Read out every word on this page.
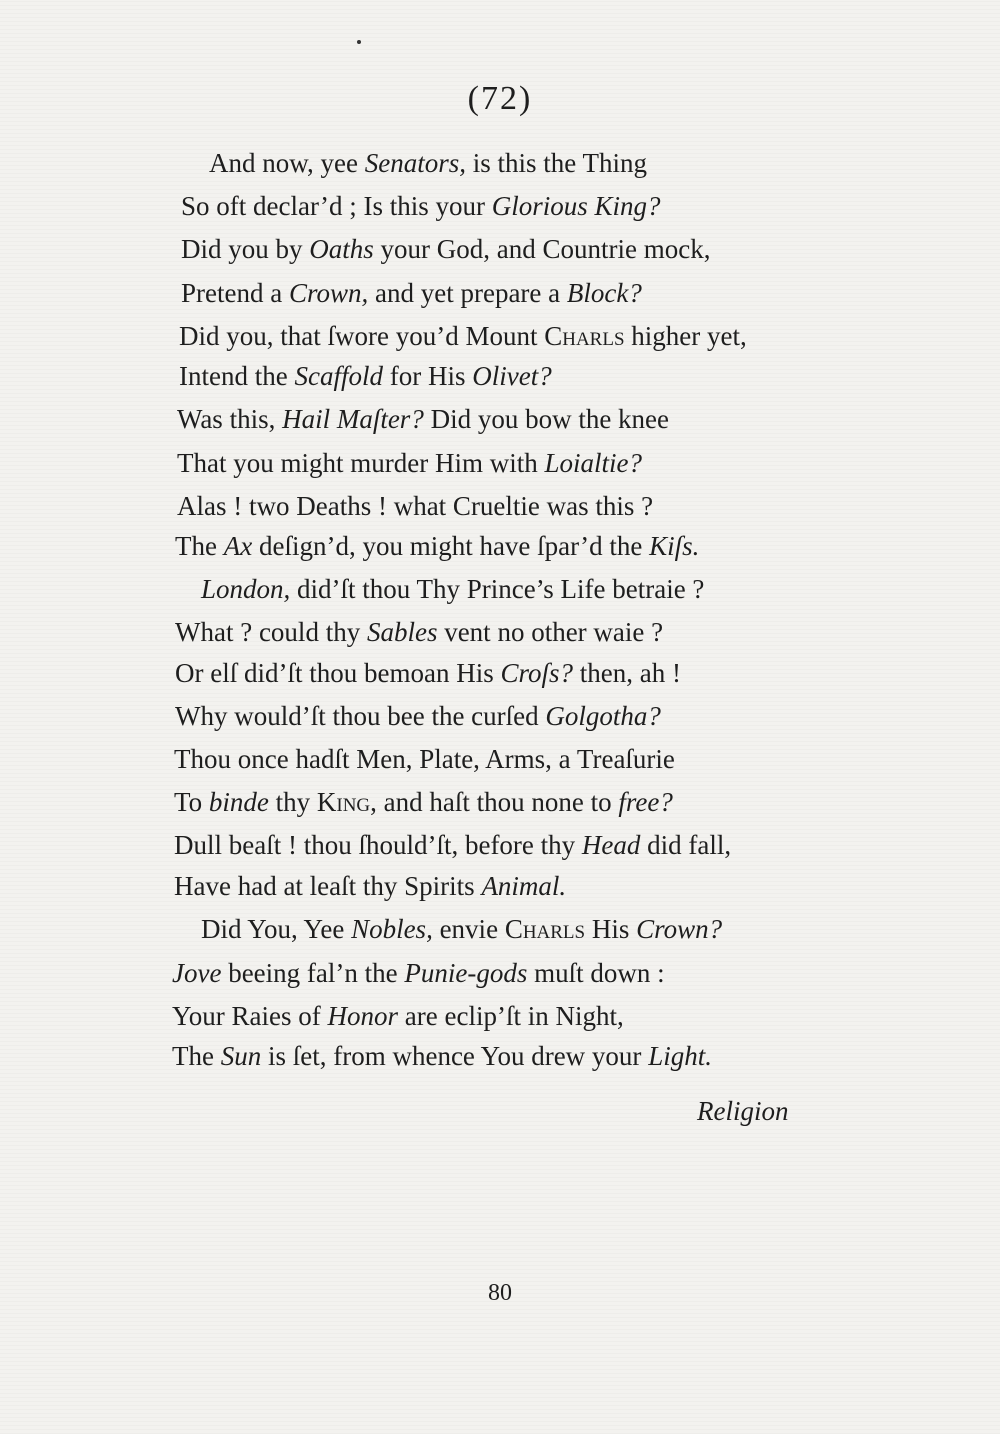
(72)
And now, yee Senators, is this the Thing
So oft declar’d ; Is this your Glorious King?
Did you by Oaths your God, and Countrie mock,
Pretend a Crown, and yet prepare a Block?
Did you, that ſwore you’d Mount Charls higher yet,
Intend the Scaffold for His Olivet?
Was this, Hail Maſter? Did you bow the knee
That you might murder Him with Loialtie?
Alas ! two Deaths ! what Crueltie was this ?
The Ax deſign’d, you might have ſpar’d the Kiſs.
London, did’ſt thou Thy Prince’s Life betraie ?
What ? could thy Sables vent no other waie ?
Or elſ did’ſt thou bemoan His Croſs? then, ah !
Why would’ſt thou bee the curſed Golgotha?
Thou once hadſt Men, Plate, Arms, a Treaſurie
To binde thy King, and haſt thou none to free?
Dull beaſt ! thou ſhould’ſt, before thy Head did fall,
Have had at leaſt thy Spirits Animal.
Did You, Yee Nobles, envie Charls His Crown?
Jove beeing fal’n the Punie-gods muſt down :
Your Raies of Honor are eclip’ſt in Night,
The Sun is ſet, from whence You drew your Light.
Religion
80
